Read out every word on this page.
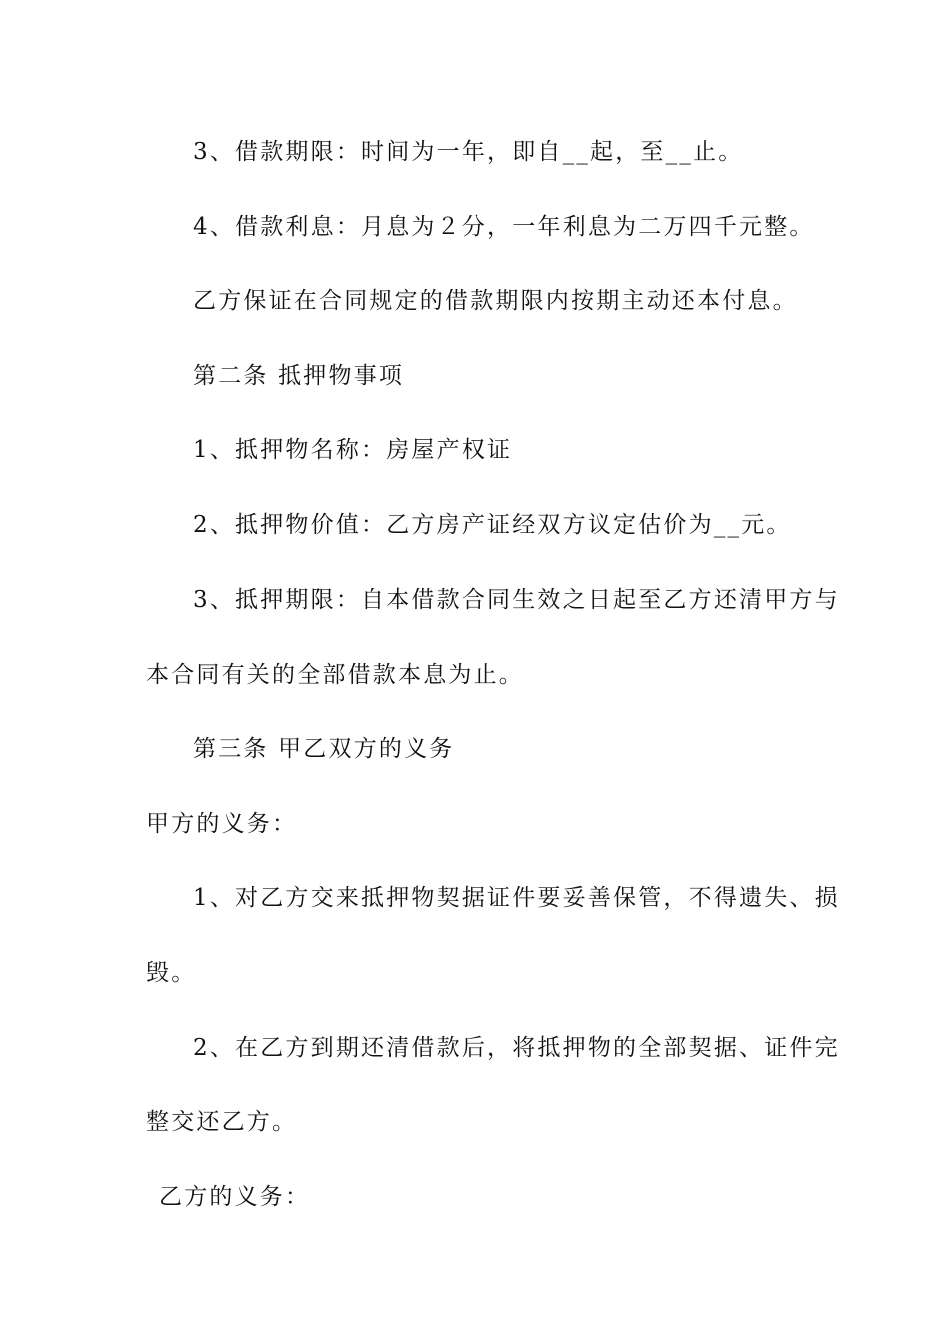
3、借款期限：时间为一年，即自__起，至__止。

4、借款利息：月息为２分，一年利息为二万四千元整。

乙方保证在合同规定的借款期限内按期主动还本付息。

第二条 抵押物事项

1、抵押物名称：房屋产权证

2、抵押物价值：乙方房产证经双方议定估价为__元。

3、抵押期限：自本借款合同生效之日起至乙方还清甲方与

本合同有关的全部借款本息为止。

第三条 甲乙双方的义务

甲方的义务：

1、对乙方交来抵押物契据证件要妥善保管，不得遗失、损

毁。

2、在乙方到期还清借款后，将抵押物的全部契据、证件完

整交还乙方。

乙方的义务：
